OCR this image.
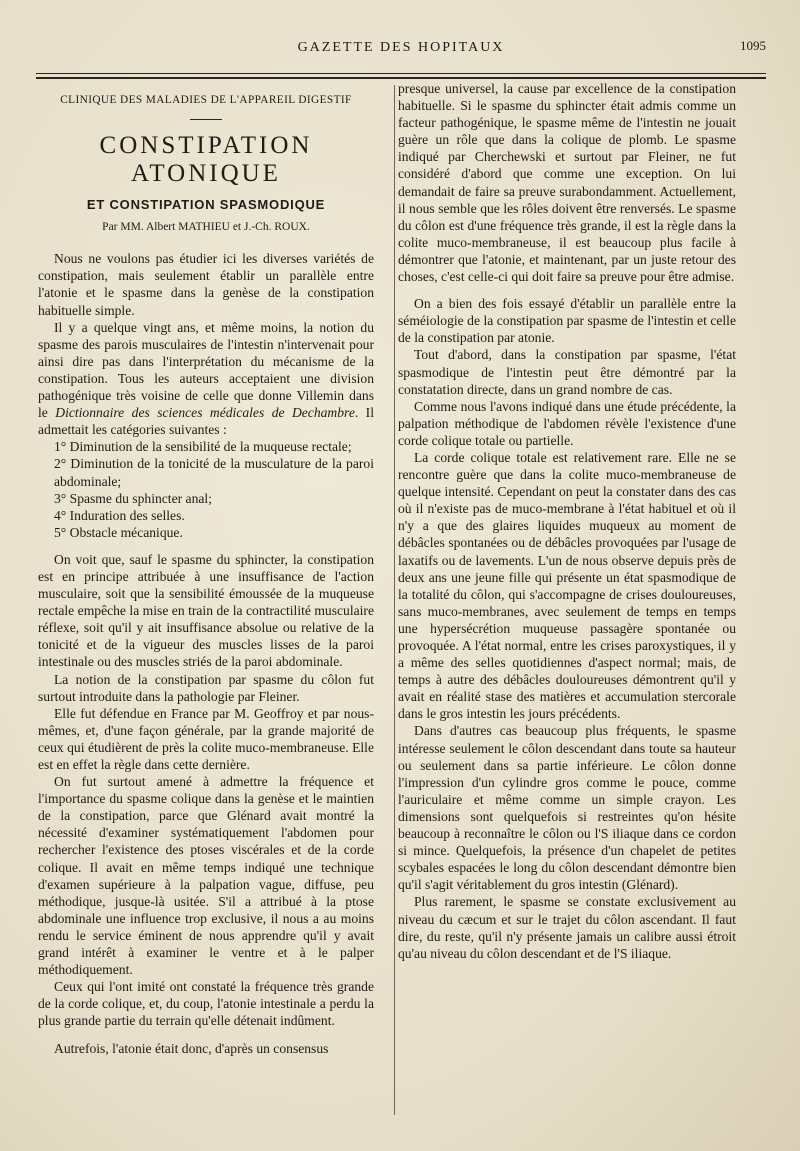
GAZETTE DES HOPITAUX	1095
CLINIQUE DES MALADIES DE L'APPAREIL DIGESTIF
CONSTIPATION ATONIQUE
ET CONSTIPATION SPASMODIQUE
Par MM. Albert MATHIEU et J.-Ch. ROUX.

Nous ne voulons pas étudier ici les diverses variétés de constipation, mais seulement établir un parallèle entre l'atonie et le spasme dans la genèse de la constipation habituelle simple.

Il y a quelque vingt ans, et même moins, la notion du spasme des parois musculaires de l'intestin n'intervenait pour ainsi dire pas dans l'interprétation du mécanisme de la constipation. Tous les auteurs acceptaient une division pathogénique très voisine de celle que donne Villemin dans le Dictionnaire des sciences médicales de Dechambre. Il admettait les catégories suivantes :

1° Diminution de la sensibilité de la muqueuse rectale;

2° Diminution de la tonicité de la musculature de la paroi abdominale;

3° Spasme du sphincter anal;

4° Induration des selles.

5° Obstacle mécanique.

On voit que, sauf le spasme du sphincter, la constipation est en principe attribuée à une insuffisance de l'action musculaire, soit que la sensibilité émoussée de la muqueuse rectale empêche la mise en train de la contractilité musculaire réflexe, soit qu'il y ait insuffisance absolue ou relative de la tonicité et de la vigueur des muscles lisses de la paroi intestinale ou des muscles striés de la paroi abdominale.

La notion de la constipation par spasme du côlon fut surtout introduite dans la pathologie par Fleiner.

Elle fut défendue en France par M. Geoffroy et par nous-mêmes, et, d'une façon générale, par la grande majorité de ceux qui étudièrent de près la colite muco-membraneuse. Elle est en effet la règle dans cette dernière.

On fut surtout amené à admettre la fréquence et l'importance du spasme colique dans la genèse et le maintien de la constipation, parce que Glénard avait montré la nécessité d'examiner systématiquement l'abdomen pour rechercher l'existence des ptoses viscérales et de la corde colique. Il avait en même temps indiqué une technique d'examen supérieure à la palpation vague, diffuse, peu méthodique, jusque-là usitée. S'il a attribué à la ptose abdominale une influence trop exclusive, il nous a au moins rendu le service éminent de nous apprendre qu'il y avait grand intérêt à examiner le ventre et à le palper méthodiquement.

Ceux qui l'ont imité ont constaté la fréquence très grande de la corde colique, et, du coup, l'atonie intestinale a perdu la plus grande partie du terrain qu'elle détenait indûment.

Autrefois, l'atonie était donc, d'après un consensus

presque universel, la cause par excellence de la constipation habituelle. Si le spasme du sphincter était admis comme un facteur pathogénique, le spasme même de l'intestin ne jouait guère un rôle que dans la colique de plomb. Le spasme indiqué par Cherchewski et surtout par Fleiner, ne fut considéré d'abord que comme une exception. On lui demandait de faire sa preuve surabondamment. Actuellement, il nous semble que les rôles doivent être renversés. Le spasme du côlon est d'une fréquence très grande, il est la règle dans la colite muco-membraneuse, il est beaucoup plus facile à démontrer que l'atonie, et maintenant, par un juste retour des choses, c'est celle-ci qui doit faire sa preuve pour être admise.

On a bien des fois essayé d'établir un parallèle entre la séméiologie de la constipation par spasme de l'intestin et celle de la constipation par atonie.

Tout d'abord, dans la constipation par spasme, l'état spasmodique de l'intestin peut être démontré par la constatation directe, dans un grand nombre de cas.

Comme nous l'avons indiqué dans une étude précédente, la palpation méthodique de l'abdomen révèle l'existence d'une corde colique totale ou partielle.

La corde colique totale est relativement rare. Elle ne se rencontre guère que dans la colite muco-membraneuse de quelque intensité. Cependant on peut la constater dans des cas où il n'existe pas de muco-membrane à l'état habituel et où il n'y a que des glaires liquides muqueux au moment de débâcles spontanées ou de débâcles provoquées par l'usage de laxatifs ou de lavements. L'un de nous observe depuis près de deux ans une jeune fille qui présente un état spasmodique de la totalité du côlon, qui s'accompagne de crises douloureuses, sans muco-membranes, avec seulement de temps en temps une hypersécrétion muqueuse passagère spontanée ou provoquée. A l'état normal, entre les crises paroxystiques, il y a même des selles quotidiennes d'aspect normal; mais, de temps à autre des débâcles douloureuses démontrent qu'il y avait en réalité stase des matières et accumulation stercorale dans le gros intestin les jours précédents.

Dans d'autres cas beaucoup plus fréquents, le spasme intéresse seulement le côlon descendant dans toute sa hauteur ou seulement dans sa partie inférieure. Le côlon donne l'impression d'un cylindre gros comme le pouce, comme l'auriculaire et même comme un simple crayon. Les dimensions sont quelquefois si restreintes qu'on hésite beaucoup à reconnaître le côlon ou l'S iliaque dans ce cordon si mince. Quelquefois, la présence d'un chapelet de petites scybales espacées le long du côlon descendant démontre bien qu'il s'agit véritablement du gros intestin (Glénard).

Plus rarement, le spasme se constate exclusivement au niveau du cæcum et sur le trajet du côlon ascendant. Il faut dire, du reste, qu'il n'y présente jamais un calibre aussi étroit qu'au niveau du côlon descendant et de l'S iliaque.
